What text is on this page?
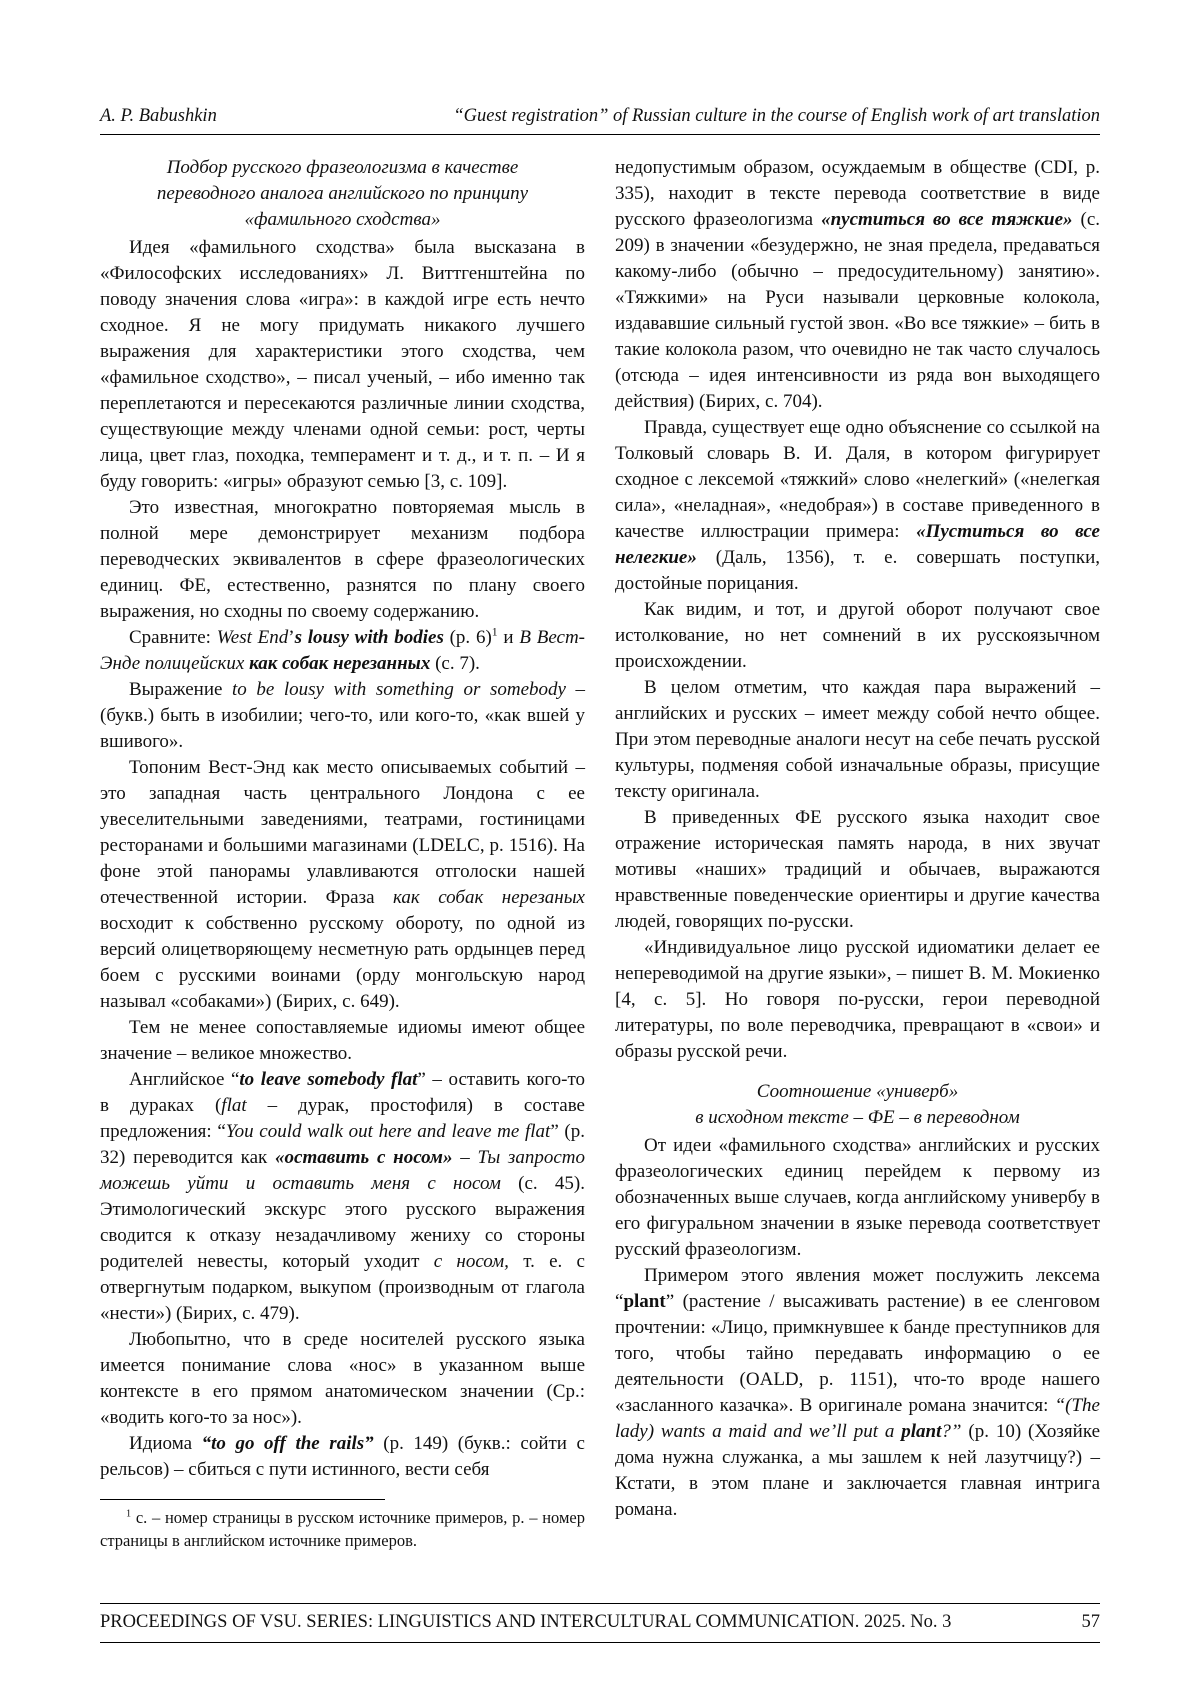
A. P. Babushkin	“Guest registration” of Russian culture in the course of English work of art translation
Подбор русского фразеологизма в качестве
переводного аналога английского по принципу
«фамильного сходства»

Идея «фамильного сходства» была высказана в «Философских исследованиях» Л. Виттгенштейна по поводу значения слова «игра»: в каждой игре есть нечто сходное. Я не могу придумать никакого лучшего выражения для характеристики этого сходства, чем «фамильное сходство», – писал ученый, – ибо именно так переплетаются и пересекаются различные линии сходства, существующие между членами одной семьи: рост, черты лица, цвет глаз, походка, темперамент и т. д., и т. п. – И я буду говорить: «игры» образуют семью [3, с. 109].

Это известная, многократно повторяемая мысль в полной мере демонстрирует механизм подбора переводческих эквивалентов в сфере фразеологических единиц. ФЕ, естественно, разнятся по плану своего выражения, но сходны по своему содержанию.

Сравните: West End’s lousy with bodies (р. 6)$^1$ и В Вест-Энде полицейских как собак нерезанных (с. 7).

Выражение to be lousy with something or somebody – (букв.) быть в изобилии; чего-то, или кого-то, «как вшей у вшивого».

Топоним Вест-Энд как место описываемых событий – это западная часть центрального Лондона с ее увеселительными заведениями, театрами, гостиницами ресторанами и большими магазинами (LDELC, р. 1516). На фоне этой панорамы улавливаются отголоски нашей отечественной истории. Фраза как собак нерезаных восходит к собственно русскому обороту, по одной из версий олицетворяющему несметную рать ордынцев перед боем с русскими воинами (орду монгольскую народ называл «собаками») (Бирих, с. 649).

Тем не менее сопоставляемые идиомы имеют общее значение – великое множество.

Английское “to leave somebody flat” – оставить кого-то в дураках (flat – дурак, простофиля) в составе предложения: “You could walk out here and leave me flat” (р. 32) переводится как «оставить с носом» – Ты запросто можешь уйти и оставить меня с носом (с. 45). Этимологический экскурс этого русского выражения сводится к отказу незадачливому жениху со стороны родителей невесты, который уходит с носом, т. е. с отвергнутым подарком, выкупом (производным от глагола «нести») (Бирих, с. 479).

Любопытно, что в среде носителей русского языка имеется понимание слова «нос» в указанном выше контексте в его прямом анатомическом значении (Ср.: «водить кого-то за нос»).

Идиома “to go off the rails” (р. 149) (букв.: сойти с рельсов) – сбиться с пути истинного, вести себя

$^1$ с. – номер страницы в русском источнике примеров, р. – номер страницы в английском источнике примеров.

недопустимым образом, осуждаемым в обществе (CDI, р. 335), находит в тексте перевода соответствие в виде русского фразеологизма «пуститься во все тяжкие» (с. 209) в значении «безудержно, не зная предела, предаваться какому-либо (обычно – предосудительному) занятию». «Тяжкими» на Руси называли церковные колокола, издававшие сильный густой звон. «Во все тяжкие» – бить в такие колокола разом, что очевидно не так часто случалось (отсюда – идея интенсивности из ряда вон выходящего действия) (Бирих, с. 704).

Правда, существует еще одно объяснение со ссылкой на Толковый словарь В. И. Даля, в котором фигурирует сходное с лексемой «тяжкий» слово «нелегкий» («нелегкая сила», «неладная», «недобрая») в составе приведенного в качестве иллюстрации примера: «Пуститься во все нелегкие» (Даль, 1356), т. е. совершать поступки, достойные порицания.

Как видим, и тот, и другой оборот получают свое истолкование, но нет сомнений в их русскоязычном происхождении.

В целом отметим, что каждая пара выражений – английских и русских – имеет между собой нечто общее. При этом переводные аналоги несут на себе печать русской культуры, подменяя собой изначальные образы, присущие тексту оригинала.

В приведенных ФЕ русского языка находит свое отражение историческая память народа, в них звучат мотивы «наших» традиций и обычаев, выражаются нравственные поведенческие ориентиры и другие качества людей, говорящих по-русски.

«Индивидуальное лицо русской идиоматики делает ее непереводимой на другие языки», – пишет В. М. Мокиенко [4, с. 5]. Но говоря по-русски, герои переводной литературы, по воле переводчика, превращают в «свои» и образы русской речи.

Соотношение «универб»
в исходном тексте – ФЕ – в переводном

От идеи «фамильного сходства» английских и русских фразеологических единиц перейдем к первому из обозначенных выше случаев, когда английскому универбу в его фигуральном значении в языке перевода соответствует русский фразеологизм.

Примером этого явления может послужить лексема “plant” (растение / высаживать растение) в ее сленговом прочтении: «Лицо, примкнувшее к банде преступников для того, чтобы тайно передавать информацию о ее деятельности (OALD, р. 1151), что-то вроде нашего «засланного казачка». В оригинале романа значится: “(The lady) wants a maid and we’ll put a plant?” (р. 10) (Хозяйке дома нужна служанка, а мы зашлем к ней лазутчицу?) – Кстати, в этом плане и заключается главная интрига романа.

PROCEEDINGS OF VSU. SERIES: LINGUISTICS AND INTERCULTURAL COMMUNICATION. 2025. No. 3	57
